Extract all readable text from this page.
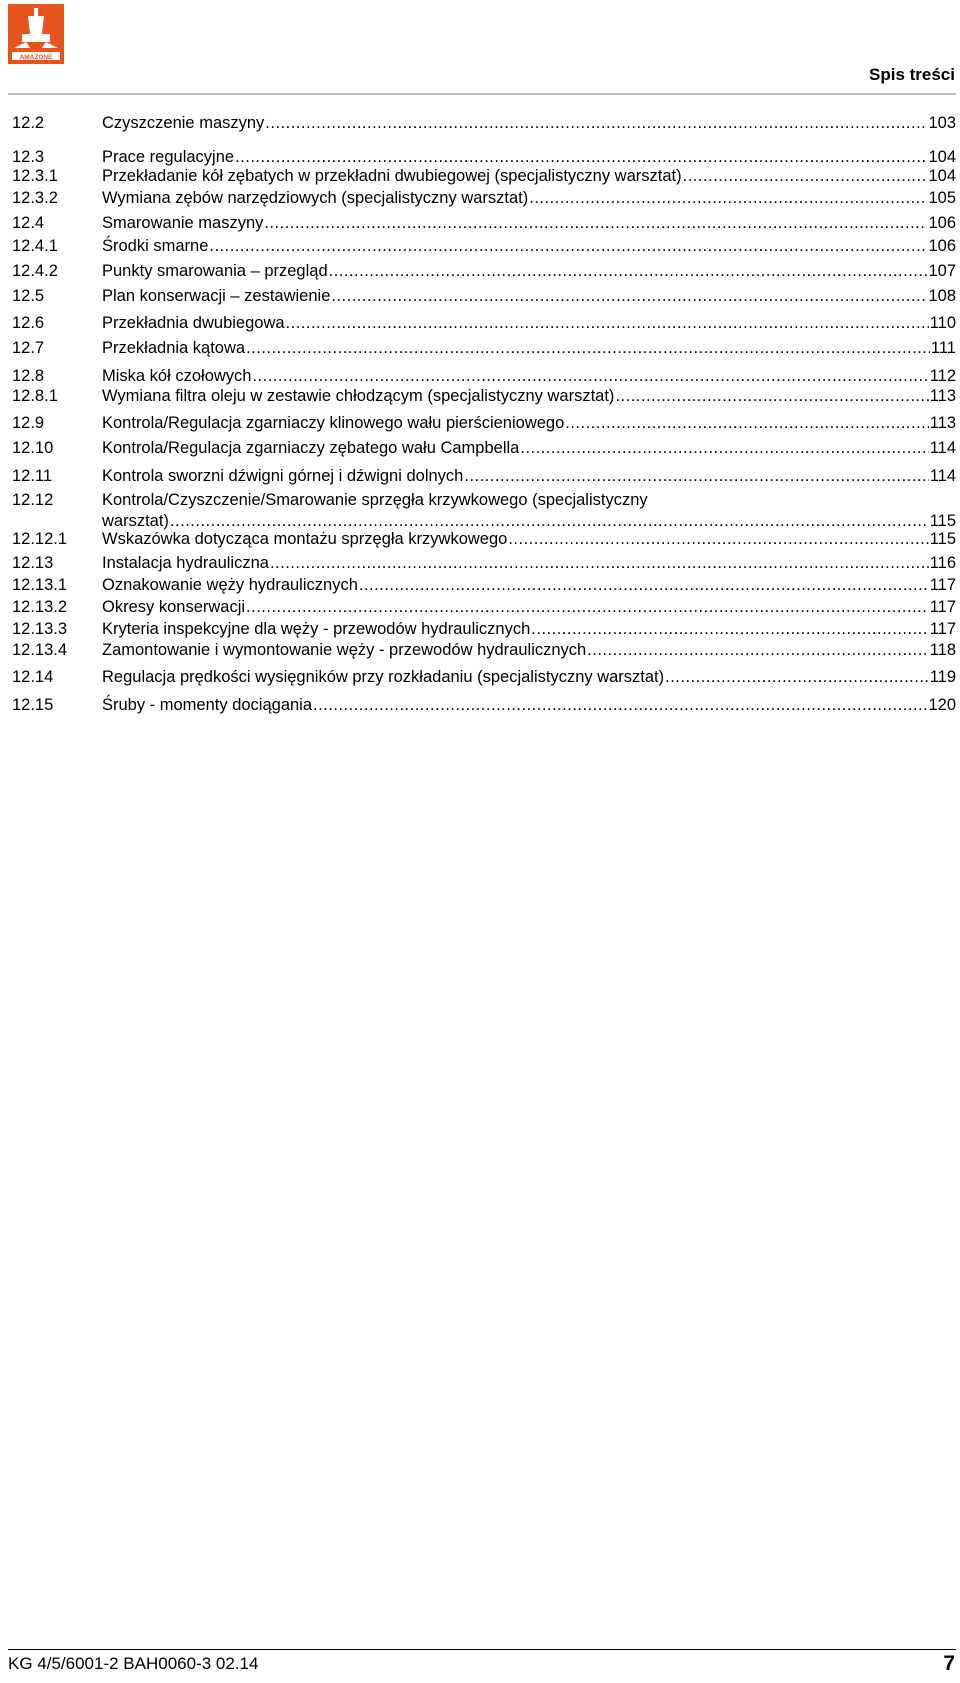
AMAZONE
Spis treści
12.2	Czyszczenie maszyny .....	103
12.3	Prace regulacyjne .....	104
12.3.1	Przekładanie kół zębatych w przekładni dwubiegowej (specjalistyczny warsztat) .....	104
12.3.2	Wymiana zębów narzędziowych (specjalistyczny warsztat) .....	105
12.4	Smarowanie maszyny .....	106
12.4.1	Środki smarne .....	106
12.4.2	Punkty smarowania – przegląd .....	107
12.5	Plan konserwacji – zestawienie .....	108
12.6	Przekładnia dwubiegowa .....	110
12.7	Przekładnia kątowa .....	111
12.8	Miska kół czołowych .....	112
12.8.1	Wymiana filtra oleju w zestawie chłodzącym (specjalistyczny warsztat) .....	113
12.9	Kontrola/Regulacja zgarniaczy klinowego wału pierścieniowego .....	113
12.10	Kontrola/Regulacja zgarniaczy zębatego wału Campbella .....	114
12.11	Kontrola sworzni dźwigni górnej i dźwigni dolnych .....	114
12.12	Kontrola/Czyszczenie/Smarowanie sprzęgła krzywkowego (specjalistyczny
warsztat) .....	115
12.12.1 Wskazówka dotycząca montażu sprzęgła krzywkowego .....	115
12.13	Instalacja hydrauliczna .....	116
12.13.1 Oznakowanie węży hydraulicznych .....	117
12.13.2 Okresy konserwacji .....	117
12.13.3 Kryteria inspekcyjne dla węży - przewodów hydraulicznych .....	117
12.13.4 Zamontowanie i wymontowanie węży - przewodów hydraulicznych .....	118
12.14	Regulacja prędkości wysięgników przy rozkładaniu (specjalistyczny warsztat) .....	119
12.15	Śruby - momenty dociągania .....	120
KG 4/5/6001-2 BAH0060-3 02.14	7
